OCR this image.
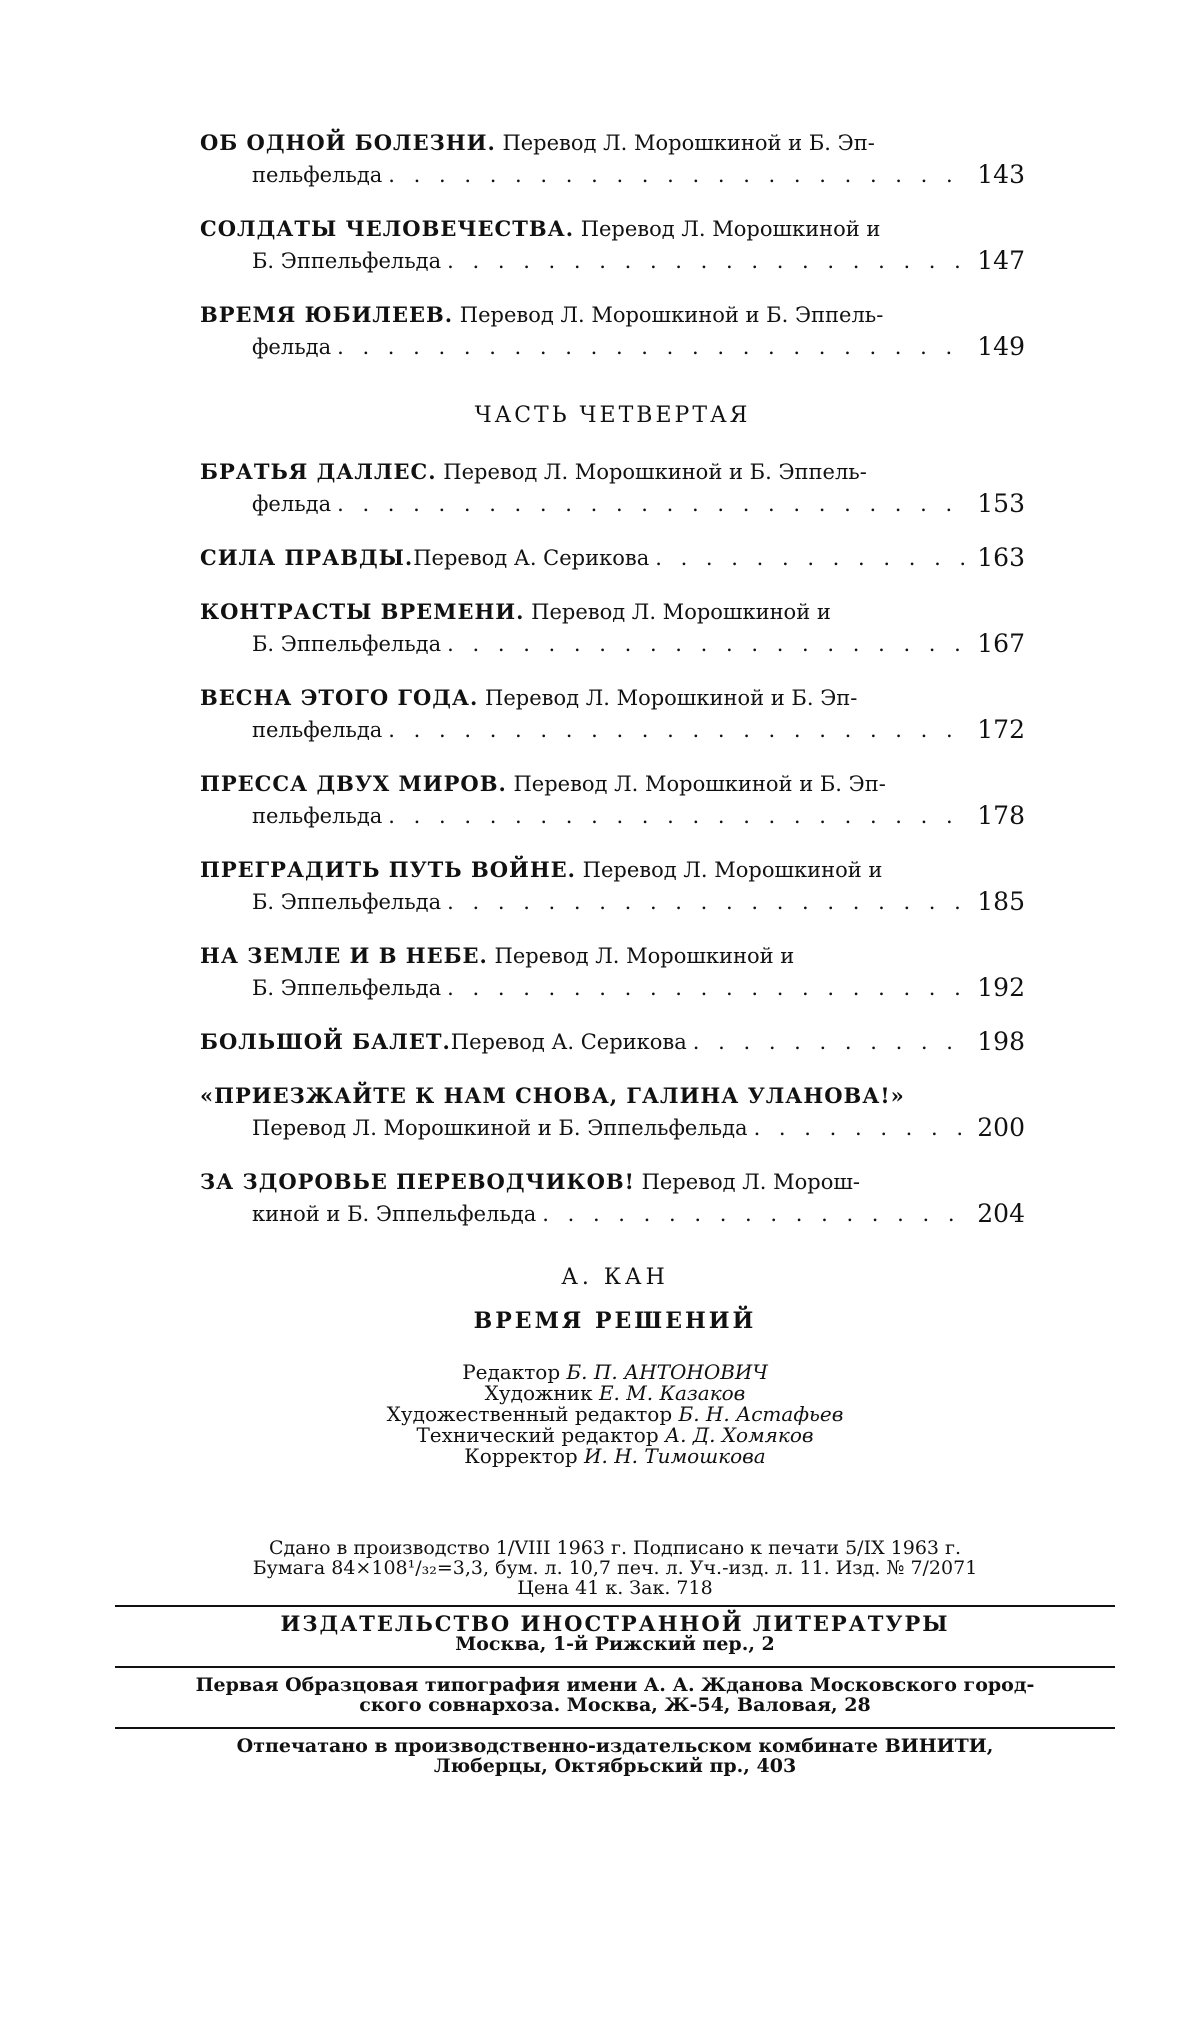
ОБ ОДНОЙ БОЛЕЗНИ. Перевод Л. Морошкиной и Б. Эп-
пельфельда . . .	143
СОЛДАТЫ ЧЕЛОВЕЧЕСТВА. Перевод Л. Морошкиной и
Б. Эппельфельда . . .	147
ВРЕМЯ ЮБИЛЕЕВ. Перевод Л. Морошкиной и Б. Эппель-
фельда . . .	149
ЧАСТЬ ЧЕТВЕРТАЯ
БРАТЬЯ ДАЛЛЕС. Перевод Л. Морошкиной и Б. Эппель-
фельда . . .	153
СИЛА ПРАВДЫ. Перевод А. Серикова . . .	163
КОНТРАСТЫ ВРЕМЕНИ. Перевод Л. Морошкиной и
Б. Эппельфельда . . .	167
ВЕСНА ЭТОГО ГОДА. Перевод Л. Морошкиной и Б. Эп-
пельфельда . . .	172
ПРЕССА ДВУХ МИРОВ. Перевод Л. Морошкиной и Б. Эп-
пельфельда . . .	178
ПРЕГРАДИТЬ ПУТЬ ВОЙНЕ. Перевод Л. Морошкиной и
Б. Эппельфельда . . .	185
НА ЗЕМЛЕ И В НЕБЕ. Перевод Л. Морошкиной и
Б. Эппельфельда . . .	192
БОЛЬШОЙ БАЛЕТ. Перевод А. Серикова . . .	198
«ПРИЕЗЖАЙТЕ К НАМ СНОВА, ГАЛИНА УЛАНОВА!»
Перевод Л. Морошкиной и Б. Эппельфельда . . .	200
ЗА ЗДОРОВЬЕ ПЕРЕВОДЧИКОВ! Перевод Л. Морош-
киной и Б. Эппельфельда . . .	204
А. КАН
ВРЕМЯ РЕШЕНИЙ
Редактор Б. П. АНТОНОВИЧ
Художник Е. М. Казаков
Художественный редактор Б. Н. Астафьев
Технический редактор А. Д. Хомяков
Корректор И. Н. Тимошкова
Сдано в производство 1/VIII 1963 г. Подписано к печати 5/IX 1963 г.
Бумага 84×108¹/₃₂=3,3, бум. л. 10,7 печ. л. Уч.-изд. л. 11. Изд. № 7/2071
Цена 41 к. Зак. 718
ИЗДАТЕЛЬСТВО ИНОСТРАННОЙ ЛИТЕРАТУРЫ
Москва, 1-й Рижский пер., 2
Первая Образцовая типография имени А. А. Жданова Московского город-
ского совнархоза. Москва, Ж-54, Валовая, 28
Отпечатано в производственно-издательском комбинате ВИНИТИ,
Люберцы, Октябрьский пр., 403
